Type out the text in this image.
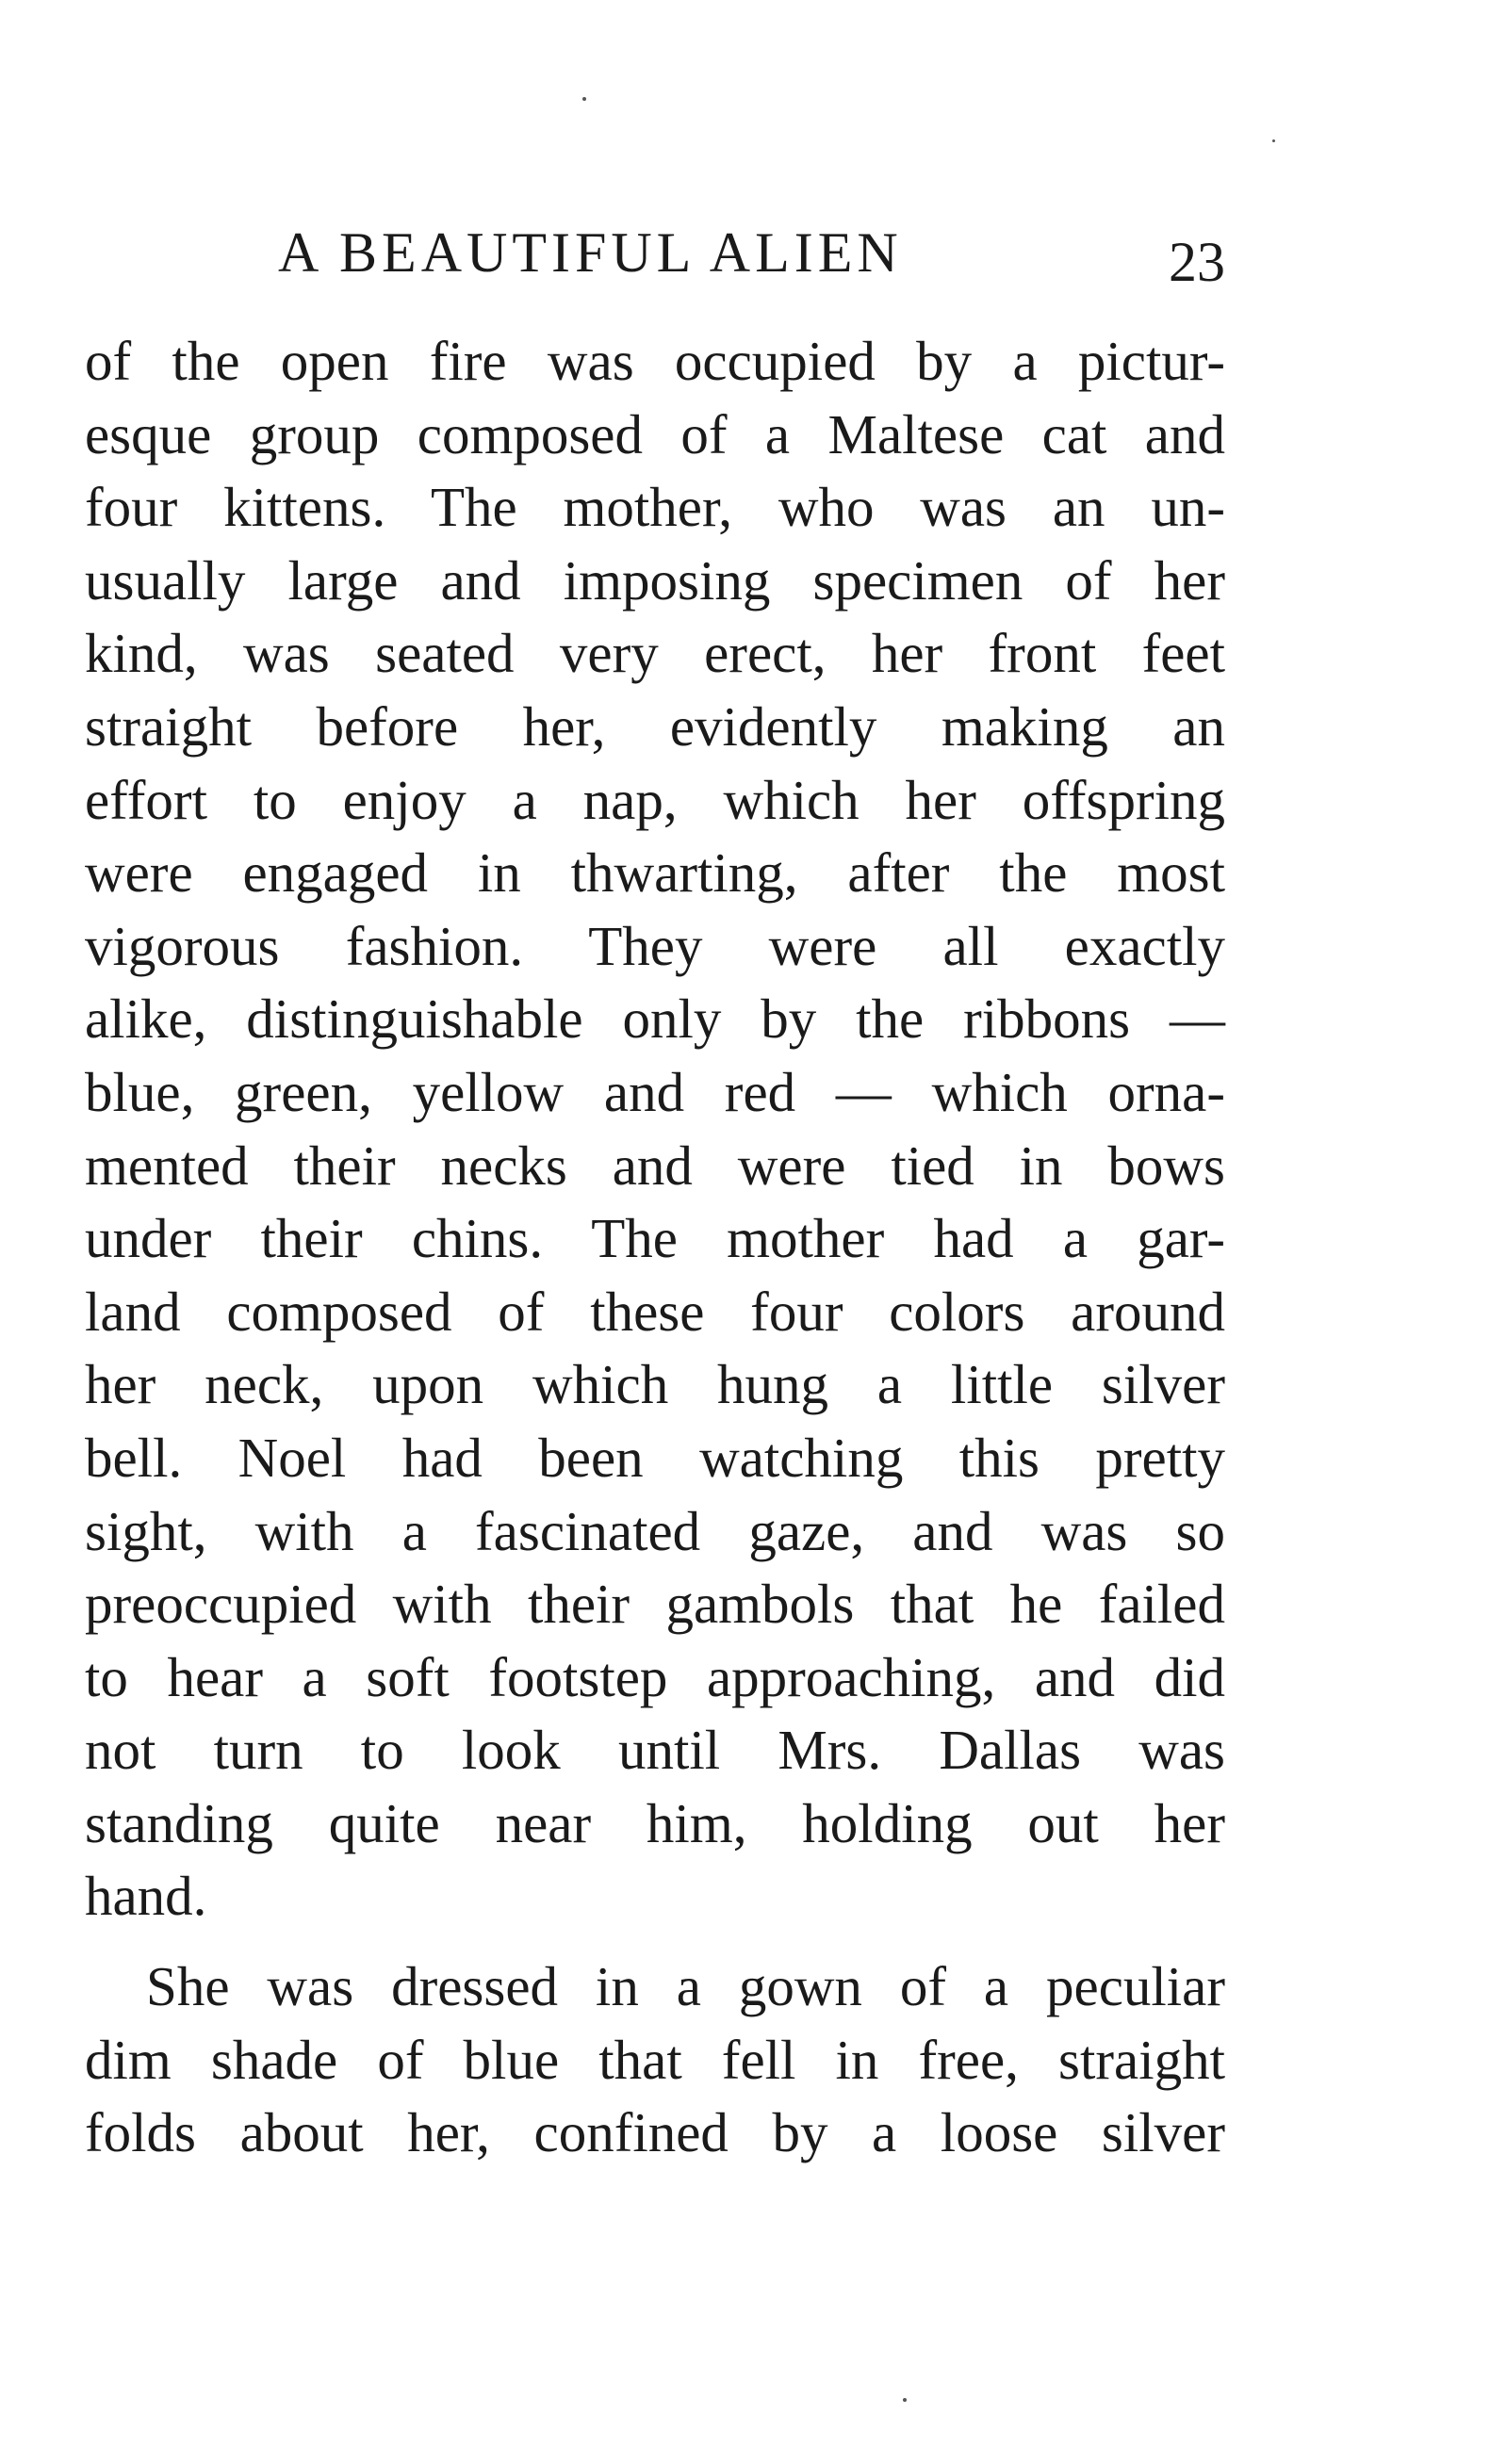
A BEAUTIFUL ALIEN	23
of the open fire was occupied by a pictur-
esque group composed of a Maltese cat and
four kittens. The mother, who was an un-
usually large and imposing specimen of her
kind, was seated very erect, her front feet
straight before her, evidently making an
effort to enjoy a nap, which her offspring
were engaged in thwarting, after the most
vigorous fashion. They were all exactly
alike, distinguishable only by the ribbons —
blue, green, yellow and red — which orna-
mented their necks and were tied in bows
under their chins. The mother had a gar-
land composed of these four colors around
her neck, upon which hung a little silver
bell. Noel had been watching this pretty
sight, with a fascinated gaze, and was so
preoccupied with their gambols that he failed
to hear a soft footstep approaching, and did
not turn to look until Mrs. Dallas was
standing quite near him, holding out her
hand.
She was dressed in a gown of a peculiar
dim shade of blue that fell in free, straight
folds about her, confined by a loose silver
